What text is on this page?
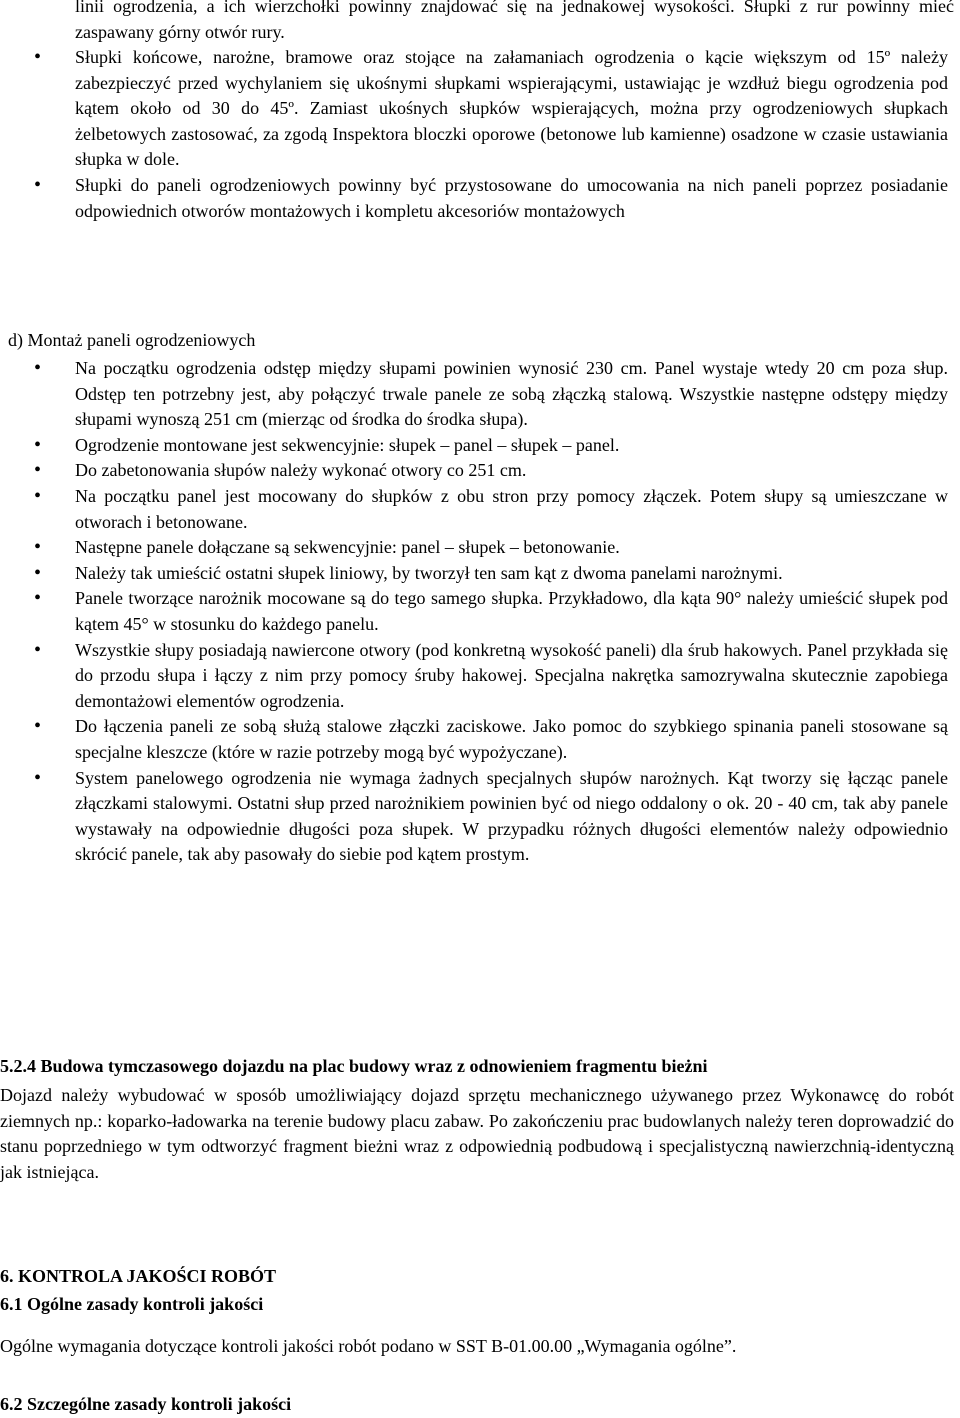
linii ogrodzenia, a ich wierzchołki powinny znajdować się na jednakowej wysokości. Słupki z rur powinny mieć zaspawany górny otwór rury.

• Słupki końcowe, narożne, bramowe oraz stojące na załamaniach ogrodzenia o kącie większym od 15º należy zabezpieczyć przed wychylaniem się ukośnymi słupkami wspierającymi, ustawiając je wzdłuż biegu ogrodzenia pod kątem około od 30 do 45º. Zamiast ukośnych słupków wspierających, można przy ogrodzeniowych słupkach żelbetowych zastosować, za zgodą Inspektora bloczki oporowe (betonowe lub kamienne) osadzone w czasie ustawiania słupka w dole.
• Słupki do paneli ogrodzeniowych powinny być przystosowane do umocowania na nich paneli poprzez posiadanie odpowiednich otworów montażowych i kompletu akcesoriów montażowych
d) Montaż paneli ogrodzeniowych
• Na początku ogrodzenia odstęp między słupami powinien wynosić 230 cm. Panel wystaje wtedy 20 cm poza słup. Odstęp ten potrzebny jest, aby połączyć trwale panele ze sobą złączką stalową. Wszystkie następne odstępy między słupami wynoszą 251 cm (mierząc od środka do środka słupa).
• Ogrodzenie montowane jest sekwencyjnie: słupek – panel – słupek – panel.
• Do zabetonowania słupów należy wykonać otwory co 251 cm.
• Na początku panel jest mocowany do słupków z obu stron przy pomocy złączek. Potem słupy są umieszczane w otworach i betonowane.
• Następne panele dołączane są sekwencyjnie: panel – słupek – betonowanie.
• Należy tak umieścić ostatni słupek liniowy, by tworzył ten sam kąt z dwoma panelami narożnymi.
• Panele tworzące narożnik mocowane są do tego samego słupka. Przykładowo, dla kąta 90° należy umieścić słupek pod kątem 45° w stosunku do każdego panelu.
• Wszystkie słupy posiadają nawiercone otwory (pod konkretną wysokość paneli) dla śrub hakowych. Panel przykłada się do przodu słupa i łączy z nim przy pomocy śruby hakowej. Specjalna nakrętka samozrywalna skutecznie zapobiega demontażowi elementów ogrodzenia.
• Do łączenia paneli ze sobą służą stalowe złączki zaciskowe. Jako pomoc do szybkiego spinania paneli stosowane są specjalne kleszcze (które w razie potrzeby mogą być wypożyczane).
• System panelowego ogrodzenia nie wymaga żadnych specjalnych słupów narożnych. Kąt tworzy się łącząc panele złączkami stalowymi. Ostatni słup przed narożnikiem powinien być od niego oddalony o ok. 20 - 40 cm, tak aby panele wystawały na odpowiednie długości poza słupek. W przypadku różnych długości elementów należy odpowiednio skrócić panele, tak aby pasowały do siebie pod kątem prostym.
5.2.4 Budowa tymczasowego dojazdu na plac budowy wraz z odnowieniem fragmentu bieżni

Dojazd należy wybudować w sposób umożliwiający dojazd sprzętu mechanicznego używanego przez Wykonawcę do robót ziemnych np.: koparko-ładowarka na terenie budowy placu zabaw. Po zakończeniu prac budowlanych należy teren doprowadzić do stanu poprzedniego w tym odtworzyć fragment bieżni wraz z odpowiednią podbudową i specjalistyczną nawierzchnią-identyczną jak istniejąca.

6. KONTROLA JAKOŚCI ROBÓT
6.1 Ogólne zasady kontroli jakości

Ogólne wymagania dotyczące kontroli jakości robót podano w SST B-01.00.00 „Wymagania ogólne”.

6.2 Szczególne zasady kontroli jakości
